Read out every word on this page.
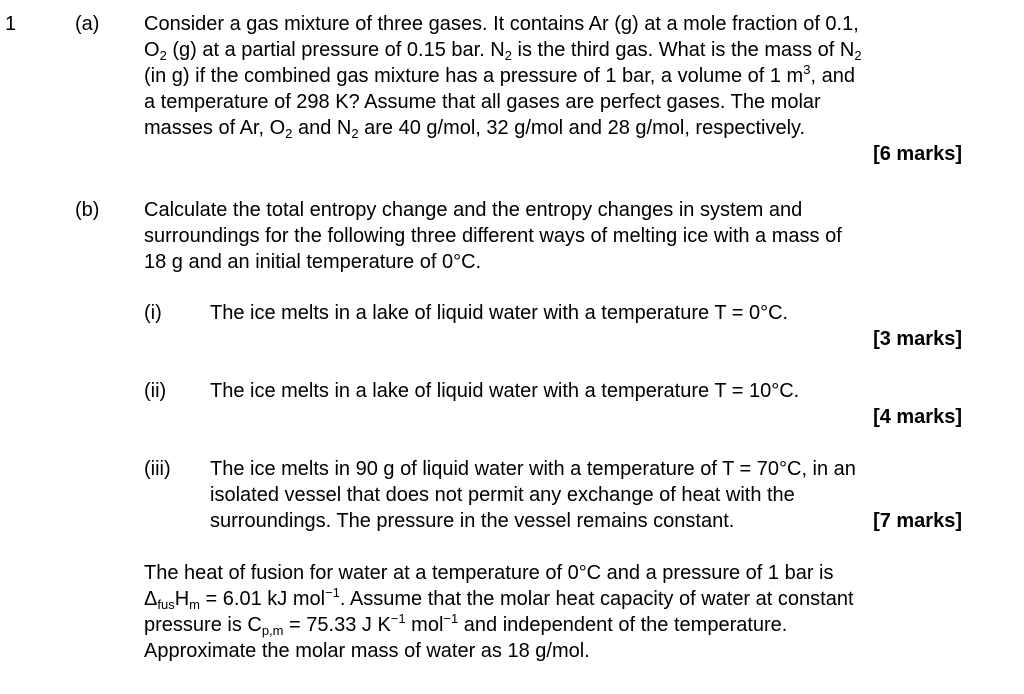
1	(a) Consider a gas mixture of three gases. It contains Ar (g) at a mole fraction of 0.1,
$O_2$ (g) at a partial pressure of 0.15 bar. $N_2$ is the third gas. What is the mass of $N_2$
(in g) if the combined gas mixture has a pressure of 1 bar, a volume of 1 $m^3$, and
a temperature of 298 K? Assume that all gases are perfect gases. The molar
masses of Ar, $O_2$ and $N_2$ are 40 g/mol, 32 g/mol and 28 g/mol, respectively.
[6 marks]
(b) Calculate the total entropy change and the entropy changes in system and
surroundings for the following three different ways of melting ice with a mass of
18 g and an initial temperature of 0°C.
(i) The ice melts in a lake of liquid water with a temperature T = 0°C.
[3 marks]
(ii) The ice melts in a lake of liquid water with a temperature T = 10°C.
[4 marks]
(iii) The ice melts in 90 g of liquid water with a temperature of T = 70°C, in an
isolated vessel that does not permit any exchange of heat with the
surroundings. The pressure in the vessel remains constant.	[7 marks]
The heat of fusion for water at a temperature of 0°C and a pressure of 1 bar is
$\Delta_{fus}H_m = 6.01$ kJ mol$^{-1}$. Assume that the molar heat capacity of water at constant
pressure is $C_{p,m} = 75.33$ J $K^{-1}$ mol$^{-1}$ and independent of the temperature.
Approximate the molar mass of water as 18 g/mol.
